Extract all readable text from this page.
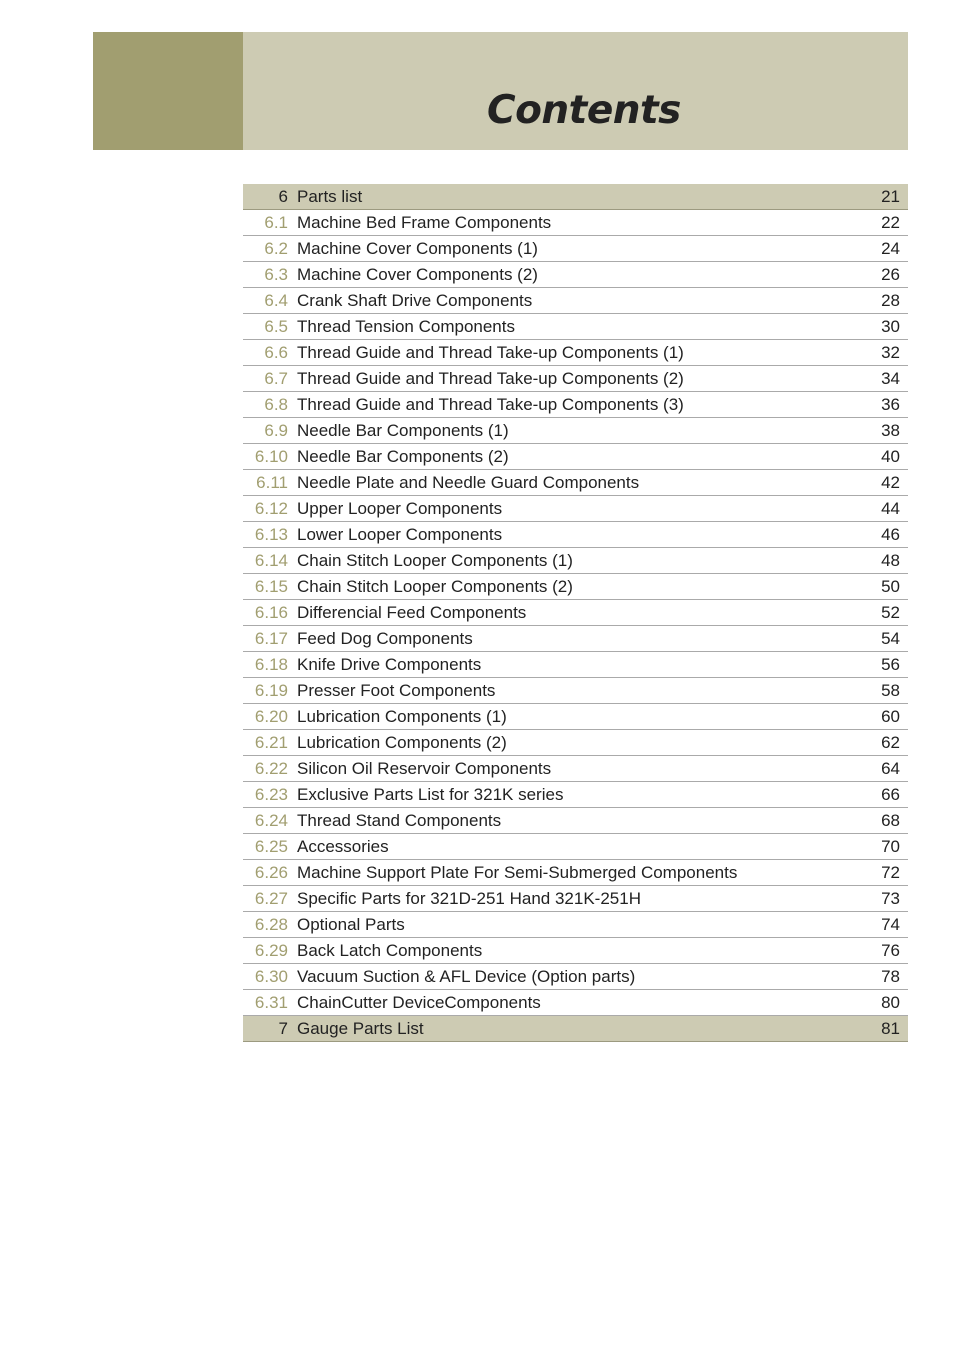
Contents
6 Parts list	21
6.1 Machine Bed Frame Components	22
6.2 Machine Cover Components (1)	24
6.3 Machine Cover Components (2)	26
6.4 Crank Shaft Drive Components	28
6.5 Thread Tension Components	30
6.6 Thread Guide and Thread Take-up Components (1)	32
6.7 Thread Guide and Thread Take-up Components (2)	34
6.8 Thread Guide and Thread Take-up Components (3)	36
6.9 Needle Bar Components (1)	38
6.10 Needle Bar Components (2)	40
6.11 Needle Plate and Needle Guard Components	42
6.12 Upper Looper Components	44
6.13 Lower Looper Components	46
6.14 Chain Stitch Looper Components (1)	48
6.15 Chain Stitch Looper Components (2)	50
6.16 Differencial Feed Components	52
6.17 Feed Dog Components	54
6.18 Knife Drive Components	56
6.19 Presser Foot Components	58
6.20 Lubrication Components (1)	60
6.21 Lubrication Components (2)	62
6.22 Silicon Oil Reservoir Components	64
6.23 Exclusive Parts List for 321K series	66
6.24 Thread Stand Components	68
6.25 Accessories	70
6.26 Machine Support Plate For Semi-Submerged Components	72
6.27 Specific Parts for 321D-251 Hand 321K-251H	73
6.28 Optional Parts	74
6.29 Back Latch Components	76
6.30 Vacuum Suction & AFL Device (Option parts)	78
6.31 ChainCutter DeviceComponents	80
7 Gauge Parts List	81
